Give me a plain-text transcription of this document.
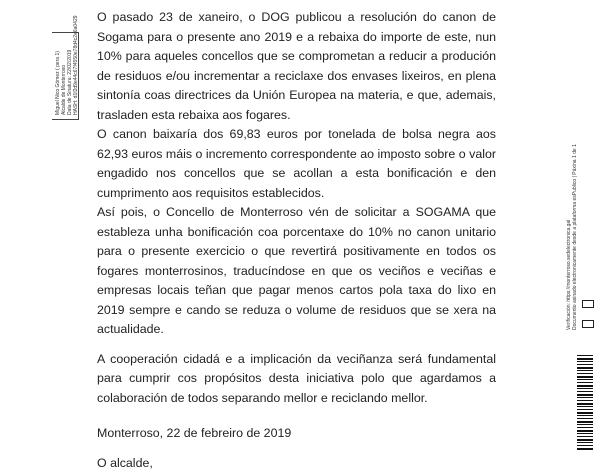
Miguel Nico Gómez ( pera 1) Alcalde de Monterroso Data de Sinatura: 22/02/2019 HASH: d1f2d9e44c67f4550e78d4c2e6a0429 O pasado 23 de xaneiro, o DOG publicou a resolución do canon de Sogama para o presente ano 2019 e a rebaixa do importe de este, nun 10% para aqueles concellos que se comprometan a reducir a produción de residuos e/ou incrementar a reciclaxe dos envases lixeiros, en plena sintonía coas directrices da Unión Europea na materia, e que, ademais, trasladen esta rebaixa aos fogares.

O canon baixaría dos 69,83 euros por tonelada de bolsa negra aos 62,93 euros máis o incremento correspondente ao imposto sobre o valor engadido nos concellos que se acollan a esta bonificación e den cumprimento aos requisitos establecidos.

Así pois, o Concello de Monterroso vén de solicitar a SOGAMA que estableza unha bonificación coa porcentaxe do 10% no canon unitario para o presente exercicio o que revertirá positivamente en todos os fogares monterrosinos, traducíndose en que os veciños e veciñas e empresas locais teñan que pagar menos cartos pola taxa do lixo en 2019 sempre e cando se reduza o volume de residuos que se xera na actualidade.

A cooperación cidadá e a implicación da veciñanza será fundamental para cumprir cos propósitos desta iniciativa polo que agardamos a colaboración de todos separando mellor e reciclando mellor.

Monterroso, 22 de febreiro de 2019

O alcalde,

Verificación: https://monterroso.sedelectronica.gal Documento asinado electronicamente desde a plataforma esPublico | Páxina 1 de 1
